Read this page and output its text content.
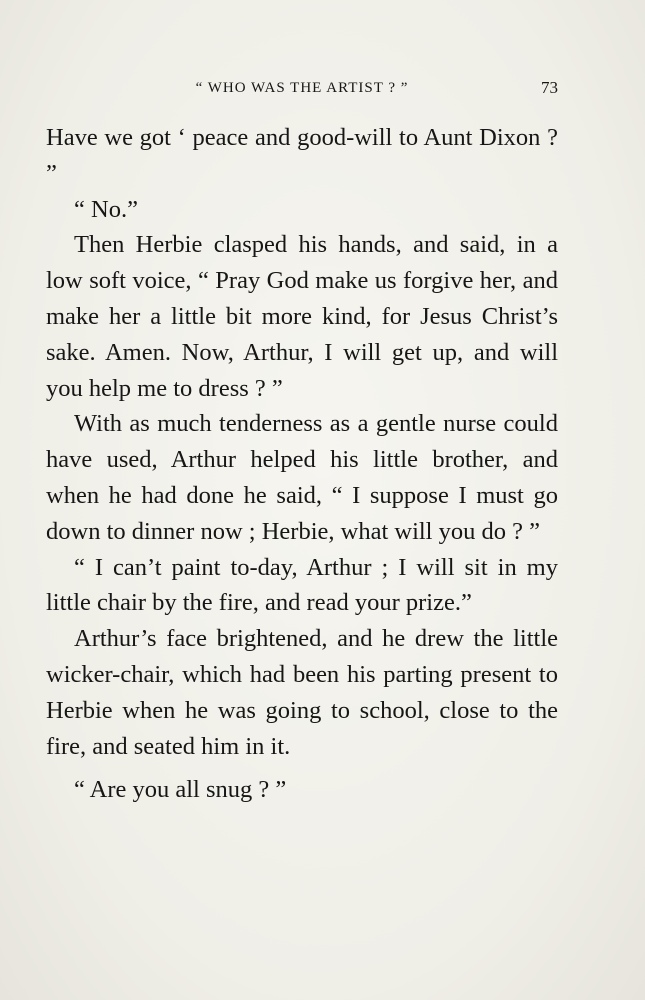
“ WHO WAS THE ARTIST ? ”	73

Have we got ‘ peace and good-will to Aunt Dixon ? ”

“ No.”

Then Herbie clasped his hands, and said, in a low soft voice, “ Pray God make us forgive her, and make her a little bit more kind, for Jesus Christ’s sake. Amen. Now, Arthur, I will get up, and will you help me to dress ? ”

With as much tenderness as a gentle nurse could have used, Arthur helped his little brother, and when he had done he said, “ I suppose I must go down to dinner now ; Herbie, what will you do ? ”

“ I can’t paint to-day, Arthur ; I will sit in my little chair by the fire, and read your prize.”

Arthur’s face brightened, and he drew the little wicker-chair, which had been his parting present to Herbie when he was going to school, close to the fire, and seated him in it.

“ Are you all snug ? ”
